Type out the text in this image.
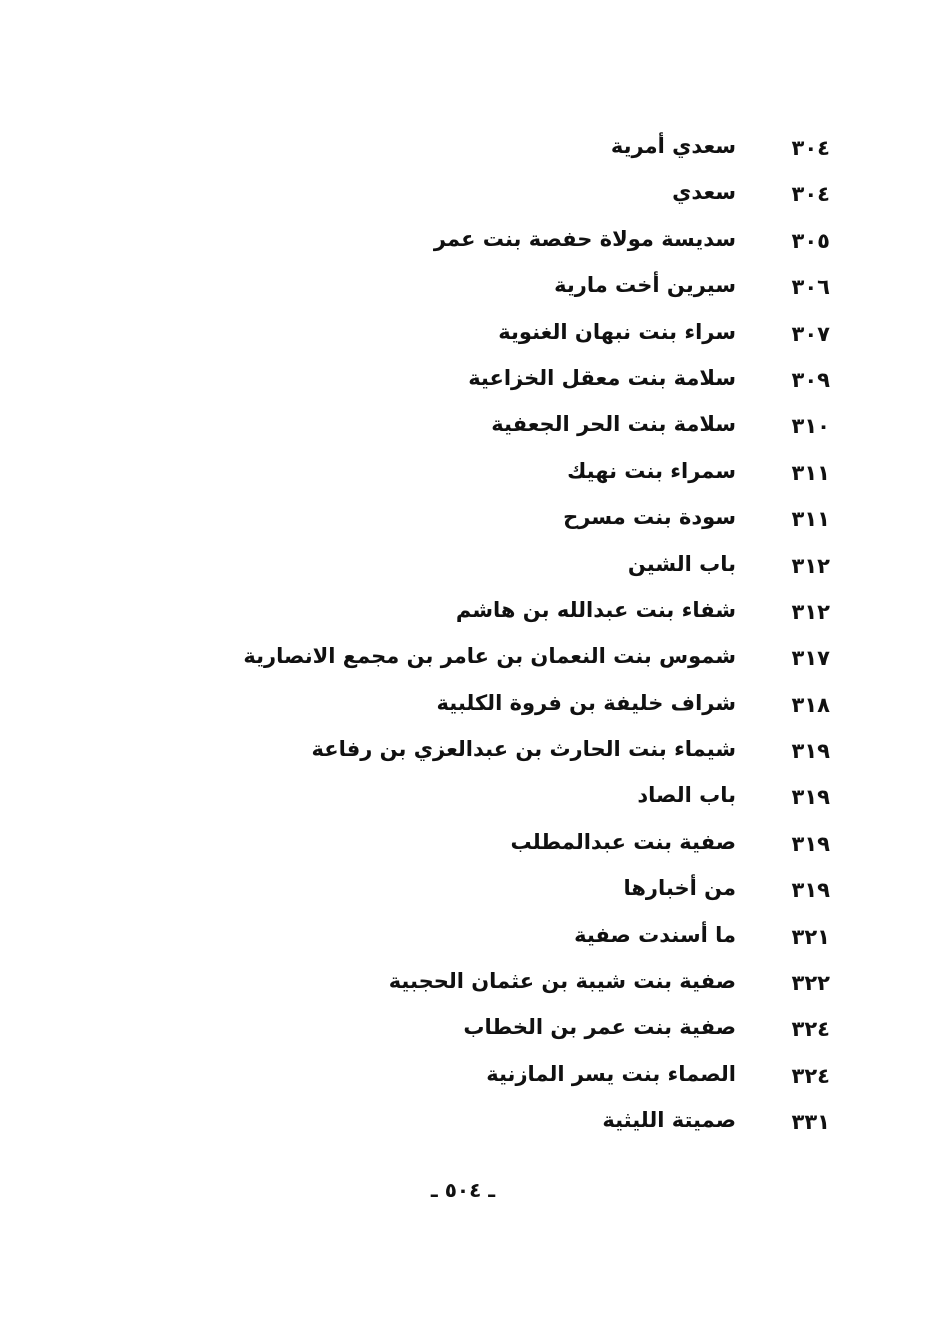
٣٠٤
سعدي أمرية
٣٠٤
سعدي
٣٠٥
سديسة مولاة حفصة بنت عمر
٣٠٦
سيرين أخت مارية
٣٠٧
سراء بنت نبهان الغنوية
٣٠٩
سلامة بنت معقل الخزاعية
٣١٠
سلامة بنت الحر الجعفية
٣١١
سمراء بنت نهيك
٣١١
سودة بنت مسرح
٣١٢
باب الشين
٣١٢
شفاء بنت عبدالله بن هاشم
٣١٧
شموس بنت النعمان بن عامر بن مجمع الانصارية
٣١٨
شراف خليفة بن فروة الكلبية
٣١٩
شيماء بنت الحارث بن عبدالعزي بن رفاعة
٣١٩
باب الصاد
٣١٩
صفية بنت عبدالمطلب
٣١٩
من أخبارها
٣٢١
ما أسندت صفية
٣٢٢
صفية بنت شيبة بن عثمان الحجبية
٣٢٤
صفية بنت عمر بن الخطاب
٣٢٤
الصماء بنت يسر المازنية
٣٣١
صميتة الليثية
ـ ٥٠٤ ـ
